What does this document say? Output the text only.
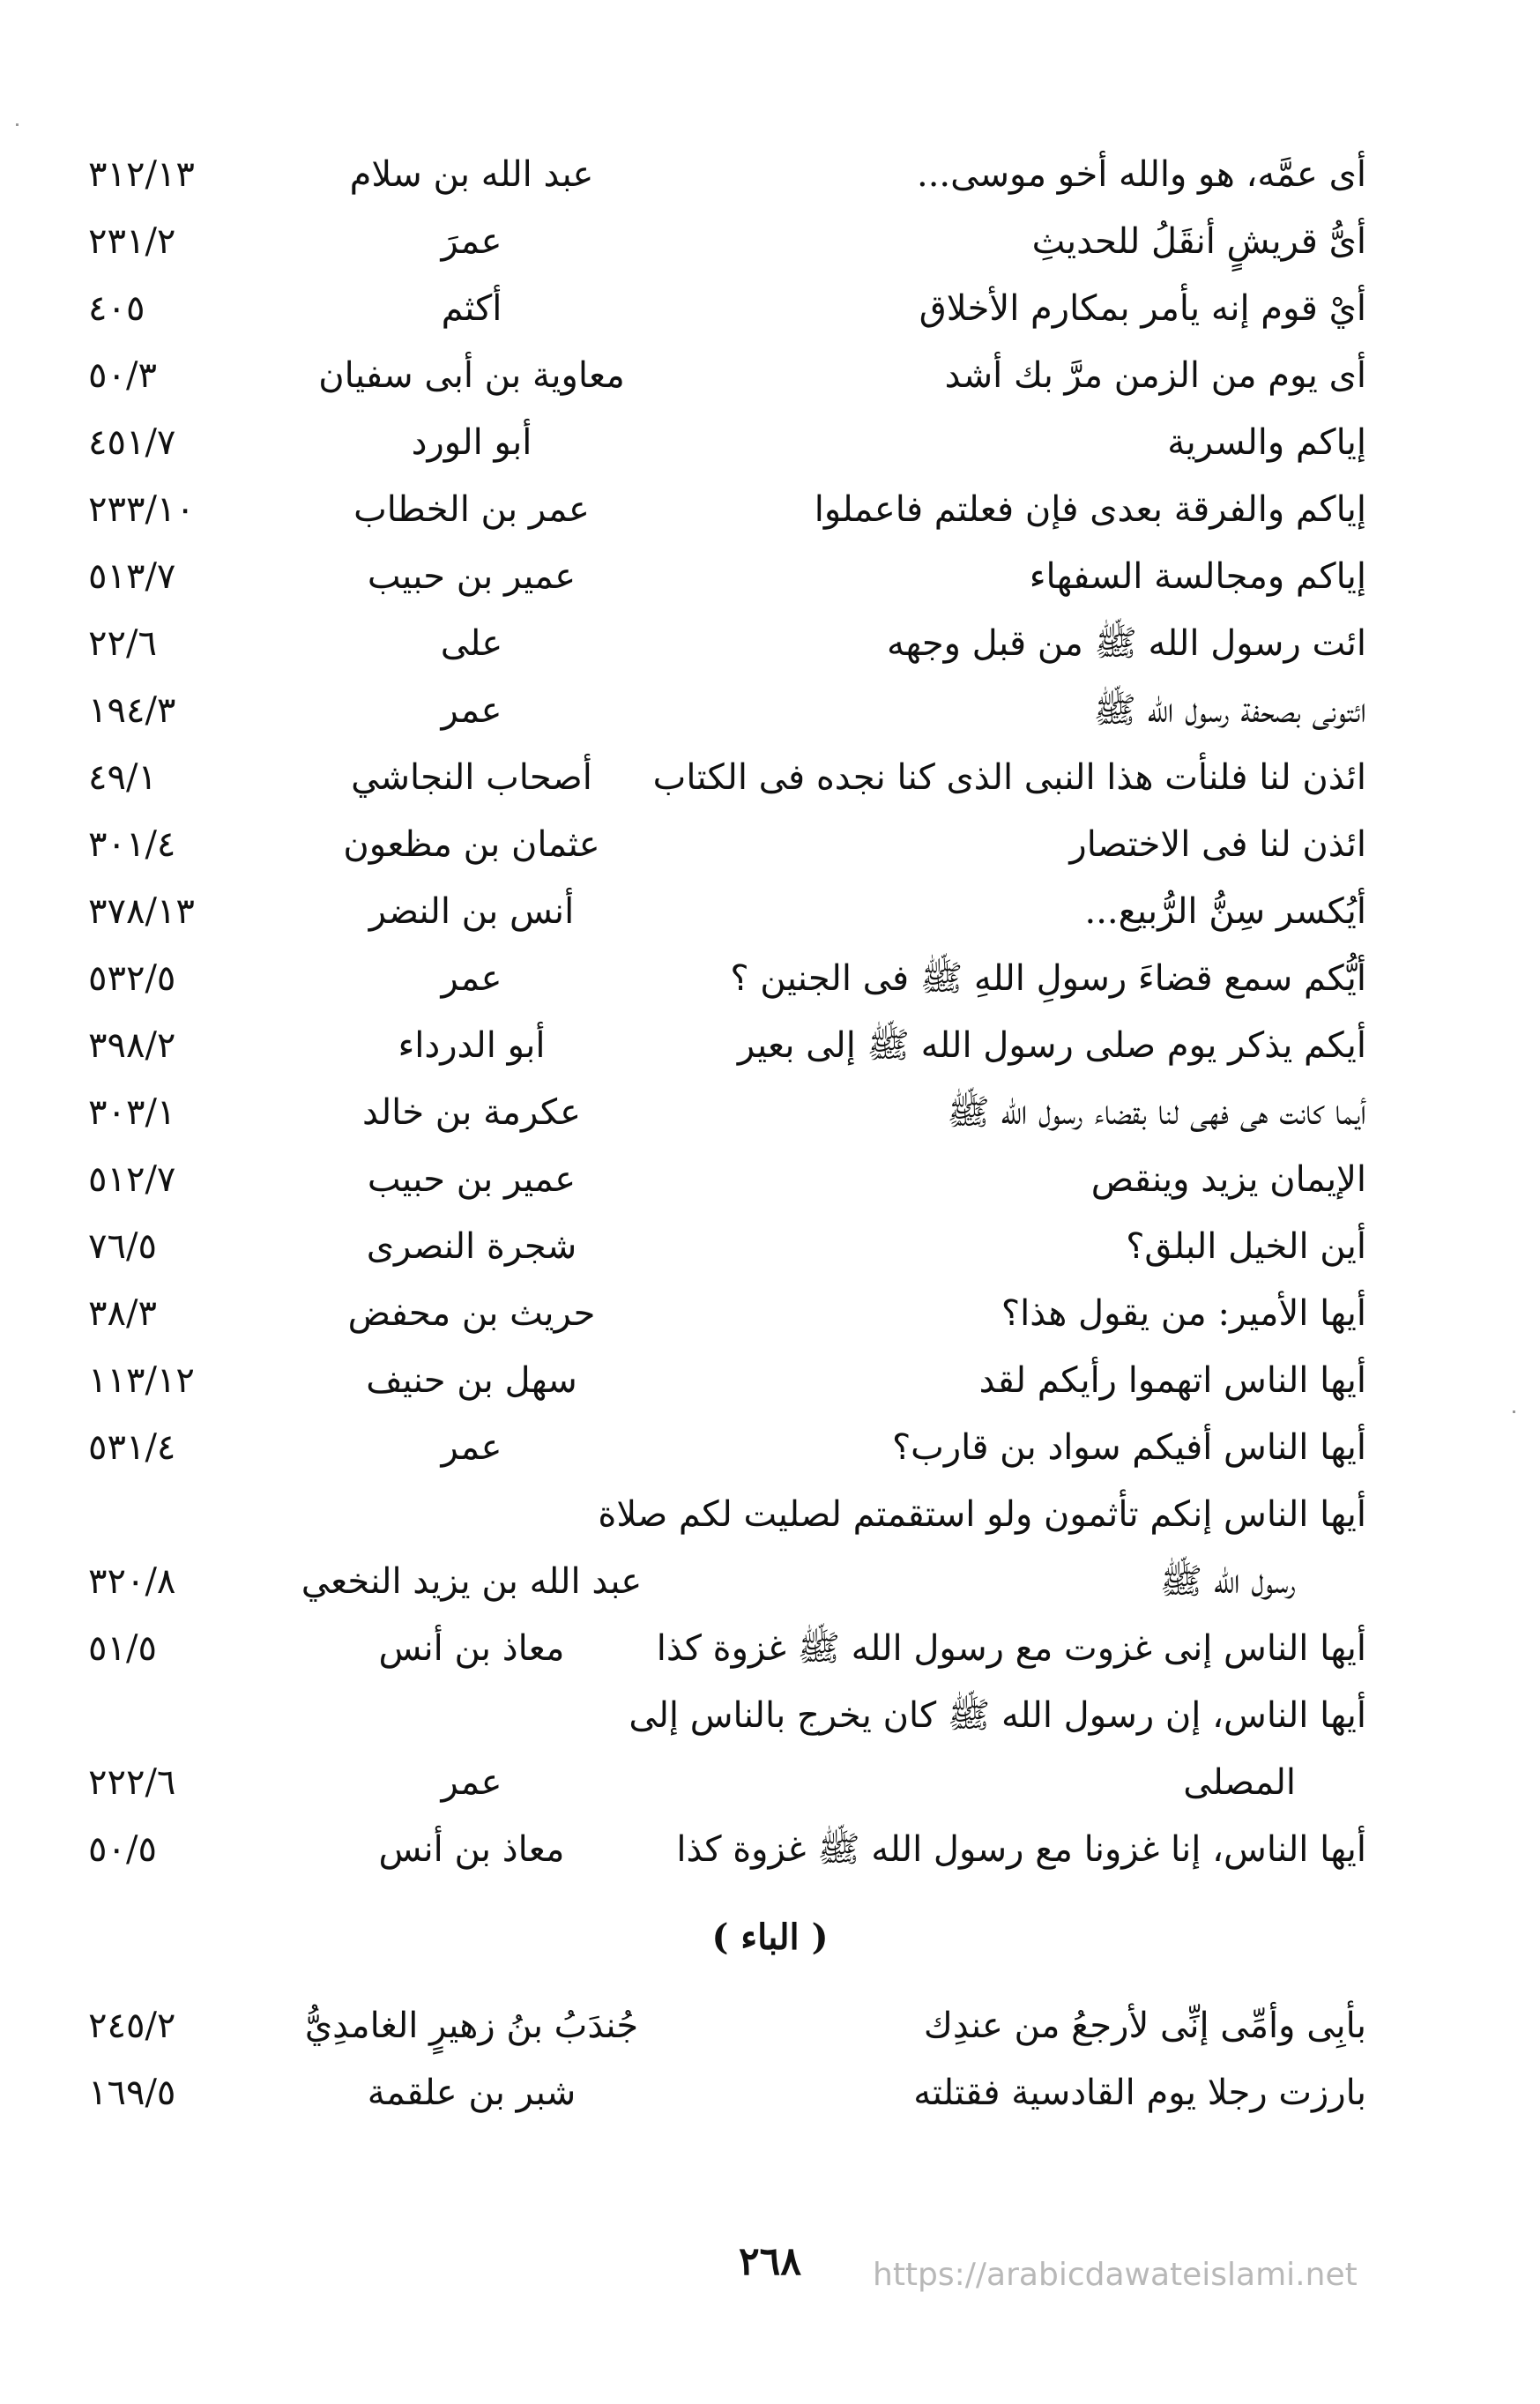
أى عمَّه، هو والله أخو موسى...
عبد الله بن سلام
٣١٢/١٣
أىُّ قريشٍ أنقَلُ للحديثِ
عمرَ
٢٣١/٢
أيْ قوم إنه يأمر بمكارم الأخلاق
أكثم
٤٠٥
أى يوم من الزمن مرَّ بك أشد
معاوية بن أبى سفيان
٥٠/٣
إياكم والسرية
أبو الورد
٤٥١/٧
إياكم والفرقة بعدى فإن فعلتم فاعملوا
عمر بن الخطاب
٢٣٣/١٠
إياكم ومجالسة السفهاء
عمير بن حبيب
٥١٣/٧
ائت رسول الله ﷺ من قبل وجهه
على
٢٢/٦
ائتونى بصحفة رسول الله ﷺ
عمر
١٩٤/٣
ائذن لنا فلنأت هذا النبى الذى كنا نجده فى الكتاب
أصحاب النجاشي
٤٩/١
ائذن لنا فى الاختصار
عثمان بن مظعون
٣٠١/٤
أيُكسر سِنُّ الرُّبيع...
أنس بن النضر
٣٧٨/١٣
أيُّكم سمع قضاءَ رسولِ اللهِ ﷺ فى الجنين ؟
عمر
٥٣٢/٥
أيكم يذكر يوم صلى رسول الله ﷺ إلى بعير
أبو الدرداء
٣٩٨/٢
أيما كانت هى فهى لنا بقضاء رسول الله ﷺ
عكرمة بن خالد
٣٠٣/١
الإيمان يزيد وينقص
عمير بن حبيب
٥١٢/٧
أين الخيل البلق؟
شجرة النصرى
٧٦/٥
أيها الأمير: من يقول هذا؟
حريث بن محفض
٣٨/٣
أيها الناس اتهموا رأيكم لقد
سهل بن حنيف
١١٣/١٢
أيها الناس أفيكم سواد بن قارب؟
عمر
٥٣١/٤
أيها الناس إنكم تأثمون ولو استقمتم لصليت لكم صلاة
رسول الله ﷺ
عبد الله بن يزيد النخعي
٣٢٠/٨
أيها الناس إنى غزوت مع رسول الله ﷺ غزوة كذا
معاذ بن أنس
٥١/٥
أيها الناس، إن رسول الله ﷺ كان يخرج بالناس إلى
المصلى
عمر
٢٢٢/٦
أيها الناس، إنا غزونا مع رسول الله ﷺ غزوة كذا
معاذ بن أنس
٥٠/٥
( الباء )
بأبِى وأمِّى إنِّى لأرجعُ من عندِك
جُندَبُ بنُ زهيرٍ الغامدِيُّ
٢٤٥/٢
بارزت رجلا يوم القادسية فقتلته
شبر بن علقمة
١٦٩/٥
٢٦٨	https://arabicdawateislami.net
